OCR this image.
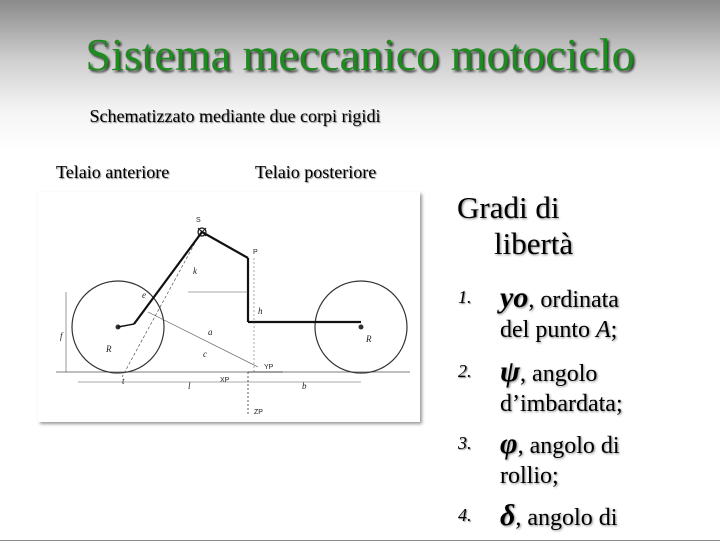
Sistema meccanico motociclo
Schematizzato mediante due corpi rigidi
Telaio anteriore	Telaio posteriore
S
P
h
k
a
c
f
R
R
l	b
t
e
XP
YP
ZP
Gradi di
libertà
1. yo, ordinata
del punto A;
2. ψ, angolo
d’imbardata;
3. φ, angolo di
rollio;
4. δ, angolo di
